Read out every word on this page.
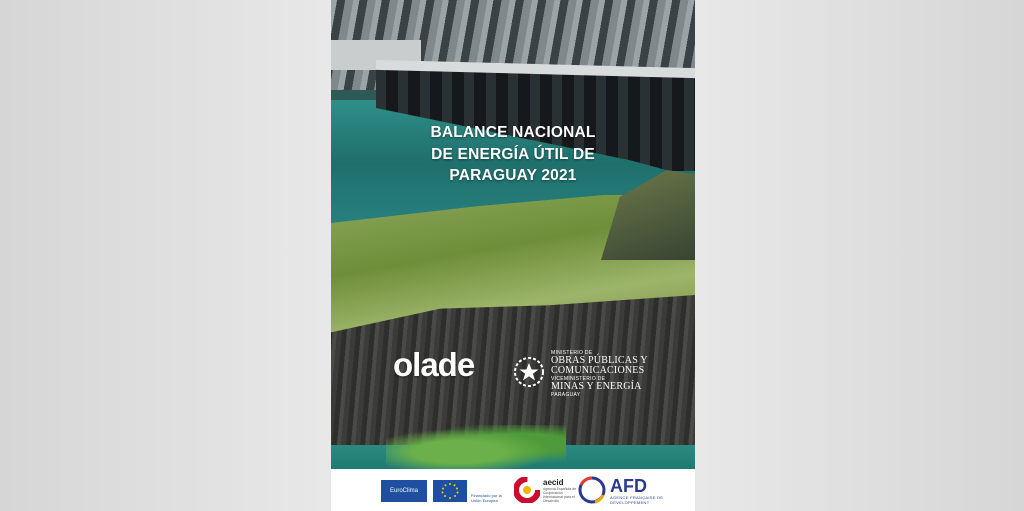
BALANCE NACIONAL
DE ENERGÍA ÚTIL DE
PARAGUAY 2021
olade	MINISTERIO DE
OBRAS PÚBLICAS Y
COMUNICACIONES
VICEMINISTERIO DE
MINAS Y ENERGÍA
PARAGUAY
EuroClima
Financiado por la Unión Europea
aecid
Agencia Española de Cooperación Internacional para el Desarrollo
AFD
AGENCE FRANÇAISE DE DÉVELOPPEMENT
